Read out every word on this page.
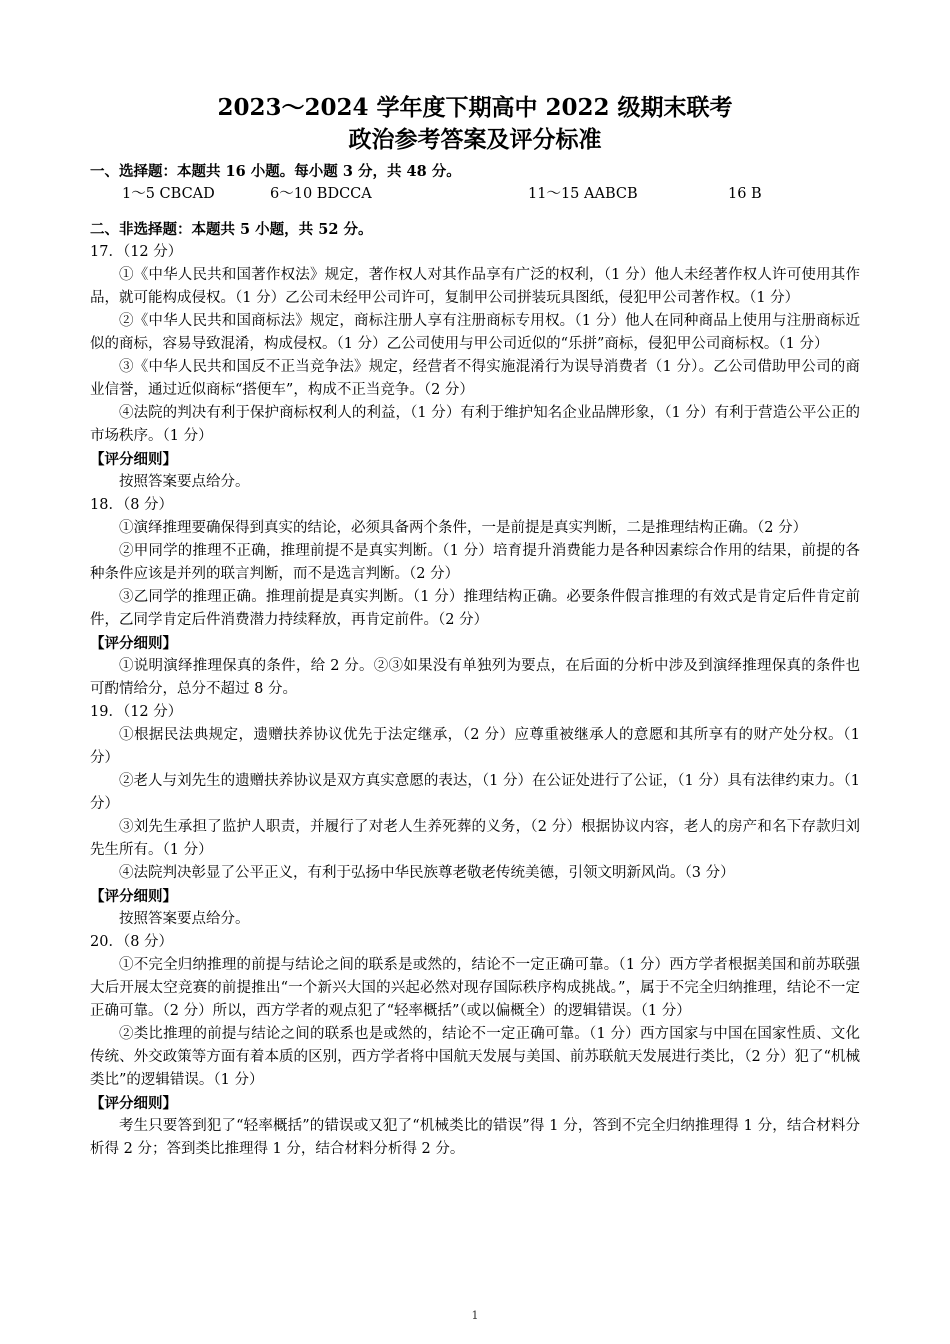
2023～2024 学年度下期高中 2022 级期末联考
政治参考答案及评分标准

一、选择题：本题共 16 小题。每小题 3 分，共 48 分。

1～5 CBCAD	6～10 BDCCA	11～15 AABCB	16 B

二、非选择题：本题共 5 小题，共 52 分。

17．（12 分）

①《中华人民共和国著作权法》规定，著作权人对其作品享有广泛的权利，（1 分）他人未经著作权人许可使用其作品，就可能构成侵权。（1 分）乙公司未经甲公司许可，复制甲公司拼装玩具图纸，侵犯甲公司著作权。（1 分）

②《中华人民共和国商标法》规定，商标注册人享有注册商标专用权。（1 分）他人在同种商品上使用与注册商标近似的商标，容易导致混淆，构成侵权。（1 分）乙公司使用与甲公司近似的“乐拼”商标，侵犯甲公司商标权。（1 分）

③《中华人民共和国反不正当竞争法》规定，经营者不得实施混淆行为误导消费者（1 分）。乙公司借助甲公司的商业信誉，通过近似商标“搭便车”，构成不正当竞争。（2 分）

④法院的判决有利于保护商标权利人的利益，（1 分）有利于维护知名企业品牌形象，（1 分）有利于营造公平公正的市场秩序。（1 分）

【评分细则】

按照答案要点给分。

18．（8 分）

①演绎推理要确保得到真实的结论，必须具备两个条件，一是前提是真实判断，二是推理结构正确。（2 分）

②甲同学的推理不正确，推理前提不是真实判断。（1 分）培育提升消费能力是各种因素综合作用的结果，前提的各种条件应该是并列的联言判断，而不是选言判断。（2 分）

③乙同学的推理正确。推理前提是真实判断。（1 分）推理结构正确。必要条件假言推理的有效式是肯定后件肯定前件，乙同学肯定后件消费潜力持续释放，再肯定前件。（2 分）

【评分细则】

①说明演绎推理保真的条件，给 2 分。②③如果没有单独列为要点，在后面的分析中涉及到演绎推理保真的条件也可酌情给分，总分不超过 8 分。

19．（12 分）

①根据民法典规定，遗赠扶养协议优先于法定继承，（2 分）应尊重被继承人的意愿和其所享有的财产处分权。（1 分）

②老人与刘先生的遗赠扶养协议是双方真实意愿的表达，（1 分）在公证处进行了公证，（1 分）具有法律约束力。（1 分）

③刘先生承担了监护人职责，并履行了对老人生养死葬的义务，（2 分）根据协议内容，老人的房产和名下存款归刘先生所有。（1 分）

④法院判决彰显了公平正义，有利于弘扬中华民族尊老敬老传统美德，引领文明新风尚。（3 分）

【评分细则】

按照答案要点给分。

20．（8 分）

①不完全归纳推理的前提与结论之间的联系是或然的，结论不一定正确可靠。（1 分）西方学者根据美国和前苏联强大后开展太空竞赛的前提推出“一个新兴大国的兴起必然对现存国际秩序构成挑战。”，属于不完全归纳推理，结论不一定正确可靠。（2 分）所以，西方学者的观点犯了“轻率概括”（或以偏概全）的逻辑错误。（1 分）

②类比推理的前提与结论之间的联系也是或然的，结论不一定正确可靠。（1 分）西方国家与中国在国家性质、文化传统、外交政策等方面有着本质的区别，西方学者将中国航天发展与美国、前苏联航天发展进行类比，（2 分）犯了“机械类比”的逻辑错误。（1 分）

【评分细则】

考生只要答到犯了“轻率概括”的错误或又犯了“机械类比的错误”得 1 分，答到不完全归纳推理得 1 分，结合材料分析得 2 分；答到类比推理得 1 分，结合材料分析得 2 分。

1
